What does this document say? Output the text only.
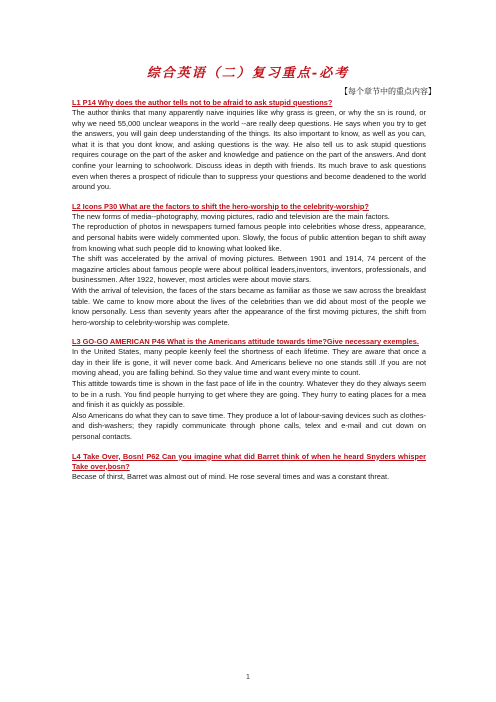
综合英语（二）复习重点-必考
【每个章节中的重点内容】

L1 P14 Why does the author tells not to be afraid to ask stupid questions?

The author thinks that many apparently naive inquiries like why grass is green, or why the sn is round, or why we need 55,000 unclear weapons in the world --are really deep questions. He says when you try to get the answers, you will gain deep understanding of the things. Its also important to know, as well as you can, what it is that you dont know, and asking questions is the way. He also tell us to ask stupid questions requires courage on the part of the asker and knowledge and patience on the part of the answers. And dont confine your learning to schoolwork. Discuss ideas in depth with friends. Its much brave to ask questions even when theres a prospect of ridicule than to suppress your questions and become deadened to the world around you.

L2 Icons P30 What are the factors to shift the hero-worship to the celebrity-worship?

The new forms of media--photography, moving pictures, radio and television are the main factors.

The reproduction of photos in newspapers turned famous people into celebrities whose dress, appearance, and personal habits were widely commented upon. Slowly, the focus of public attention began to shift away from knowing what such people did to knowing what looked like.

The shift was accelerated by the arrival of moving pictures. Between 1901 and 1914, 74 percent of the magazine articles about famous people were about political leaders,inventors, inventors, professionals, and businessmen. After 1922, however, most articles were about movie stars.

With the arrival of television, the faces of the stars became as familiar as those we saw across the breakfast table. We came to know more about the lives of the celebrities than we did about most of the people we know personally. Less than seventy years after the appearance of the first movimg pictures, the shift from hero-worship to celebrity-worship was complete.

L3 GO-GO AMERICAN P46 What is the Americans attitude towards time?Give necessary exemples.

In the United States, many people keenly feel the shortness of each lifetime. They are aware that once a day in their life is gone, it will never come back. And Americans believe no one stands still .If you are not moving ahead, you are falling behind. So they value time and want every minte to count.

This attitde towards time is shown in the fast pace of life in the country. Whatever they do they always seem to be in a rush. You find people hurrying to get where they are going. They hurry to eating places for a mea and finish it as quickly as possible.

Also Americans do what they can to save time. They produce a lot of labour-saving devices such as clothes-and dish-washers; they rapidly communicate through phone calls, telex and e-mail and cut down on personal contacts.

L4 Take Over, Bosn! P62 Can you imagine what did Barret think of when he heard Snyders whisper Take over,bosn?

Becase of thirst, Barret was almost out of mind. He rose several times and was a constant threat.

1
